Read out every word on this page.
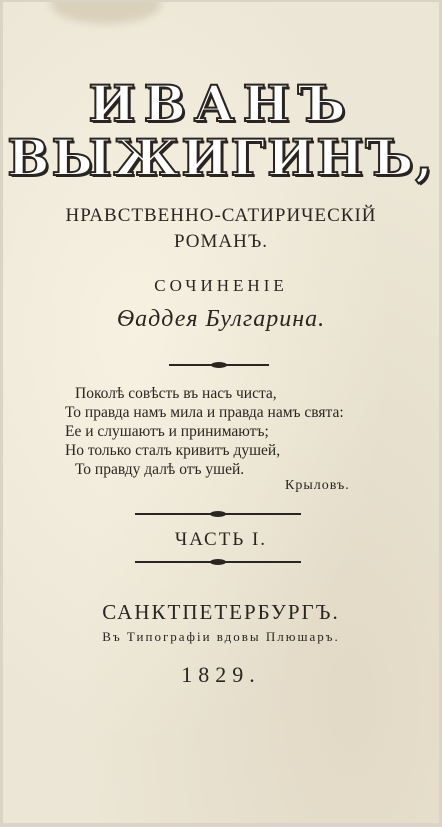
ИВАНЪ
ВЫЖИГИНЪ,
НРАВСТВЕННО-САТИРИЧЕСКІЙ
РОМАНЪ.
СОЧИНЕНІЕ
Ѳаддея Булгарина.
Поколѣ совѣсть въ насъ чиста,
То правда намъ мила и правда намъ свята:
Ее и слушаютъ и принимаютъ;
Но только сталъ кривитъ душей,
То правду далѣ отъ ушей.
Крыловъ.
ЧАСТЬ I.
САНКТПЕТЕРБУРГЪ.
Въ Типографіи вдовы Плюшаръ.
1829.
